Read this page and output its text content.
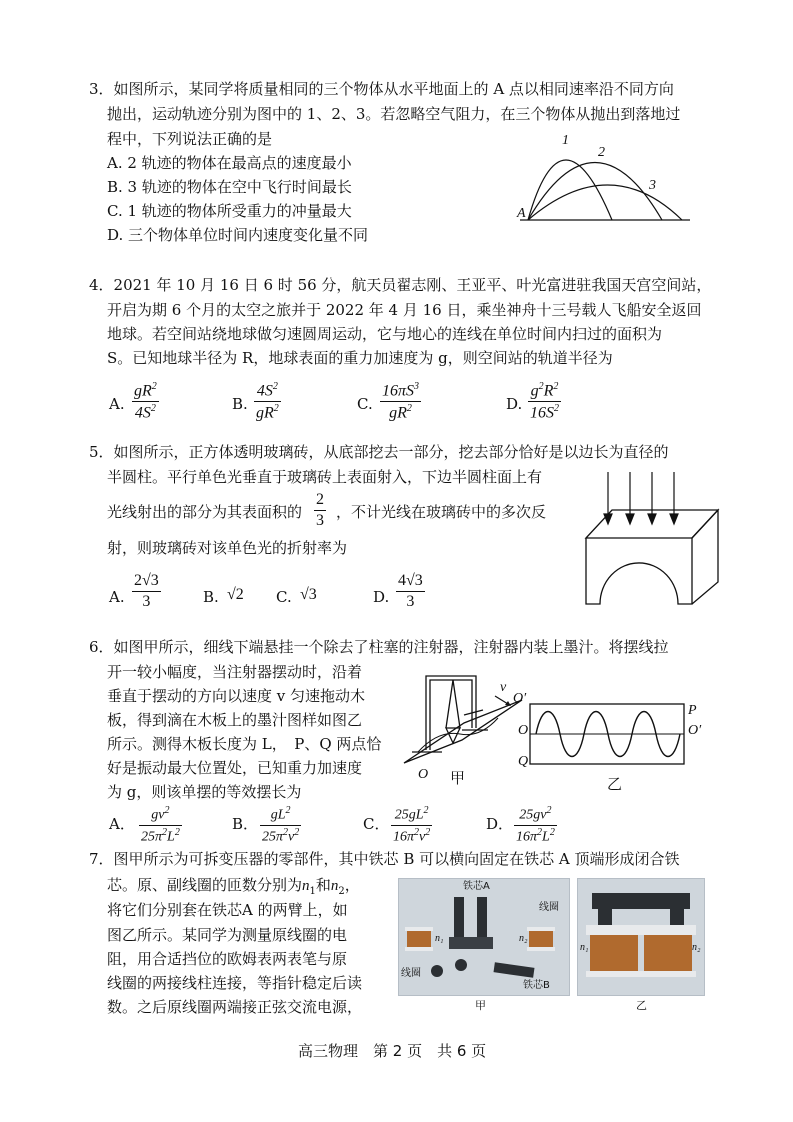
3．如图所示，某同学将质量相同的三个物体从水平地面上的 A 点以相同速率沿不同方向
抛出，运动轨迹分别为图中的 1、2、3。若忽略空气阻力，在三个物体从抛出到落地过
程中，下列说法正确的是
A. 2 轨迹的物体在最高点的速度最小
B. 3 轨迹的物体在空中飞行时间最长
C. 1 轨迹的物体所受重力的冲量最大
D. 三个物体单位时间内速度变化量不同
1
2
3
A
4．2021 年 10 月 16 日 6 时 56 分，航天员翟志刚、王亚平、叶光富进驻我国天宫空间站，
开启为期 6 个月的太空之旅并于 2022 年 4 月 16 日，乘坐神舟十三号载人飞船安全返回
地球。若空间站绕地球做匀速圆周运动，它与地心的连线在单位时间内扫过的面积为
S。已知地球半径为 R，地球表面的重力加速度为 g，则空间站的轨道半径为
A.
$gR^2$
$4S^2$	B.
$4S^2$
$gR^2$	C.
$16\pi S^3$
$gR^2$	D.
$g^2R^2$
$16S^2$
5．如图所示，正方体透明玻璃砖，从底部挖去一部分，挖去部分恰好是以边长为直径的
半圆柱。平行单色光垂直于玻璃砖上表面射入，下边半圆柱面上有
光线射出的部分为其表面积的
2
3 ，不计光线在玻璃砖中的多次反
射，则玻璃砖对该单色光的折射率为
A.
2√3
3	B. √2 C. √3	D.
4√3
3
6．如图甲所示，细线下端悬挂一个除去了柱塞的注射器，注射器内装上墨汁。将摆线拉
开一较小幅度，当注射器摆动时，沿着
垂直于摆动的方向以速度 v 匀速拖动木
板，得到滴在木板上的墨汁图样如图乙
所示。测得木板长度为 L，　P、Q 两点恰
好是振动最大位置处，已知重力加速度
为 g，则该单摆的等效摆长为
v
O′
O 甲
P
O	O′
Q
乙
A．	$gv^2$
$25\pi^2L^2$	B． $gL^2$
$25\pi^2v^2$	C． $25gL^2$
$16\pi^2v^2$	D． $25gv^2$
$16\pi^2L^2$
7．图甲所示为可拆变压器的零部件，其中铁芯 B 可以横向固定在铁芯 A 顶端形成闭合铁
芯。原、副线圈的匝数分别为$n_1$和$n_2$，
将它们分别套在铁芯A 的两臂上，如
图乙所示。某同学为测量原线圈的电
阻，用合适挡位的欧姆表两表笔与原
线圈的两接线柱连接，等指针稳定后读
数。之后原线圈两端接正弦交流电源，
铁芯A
线圈
线圈
铁芯B
n₁	n₂
甲
n₁	n₂
乙
高三物理　第 2 页　共 6 页
